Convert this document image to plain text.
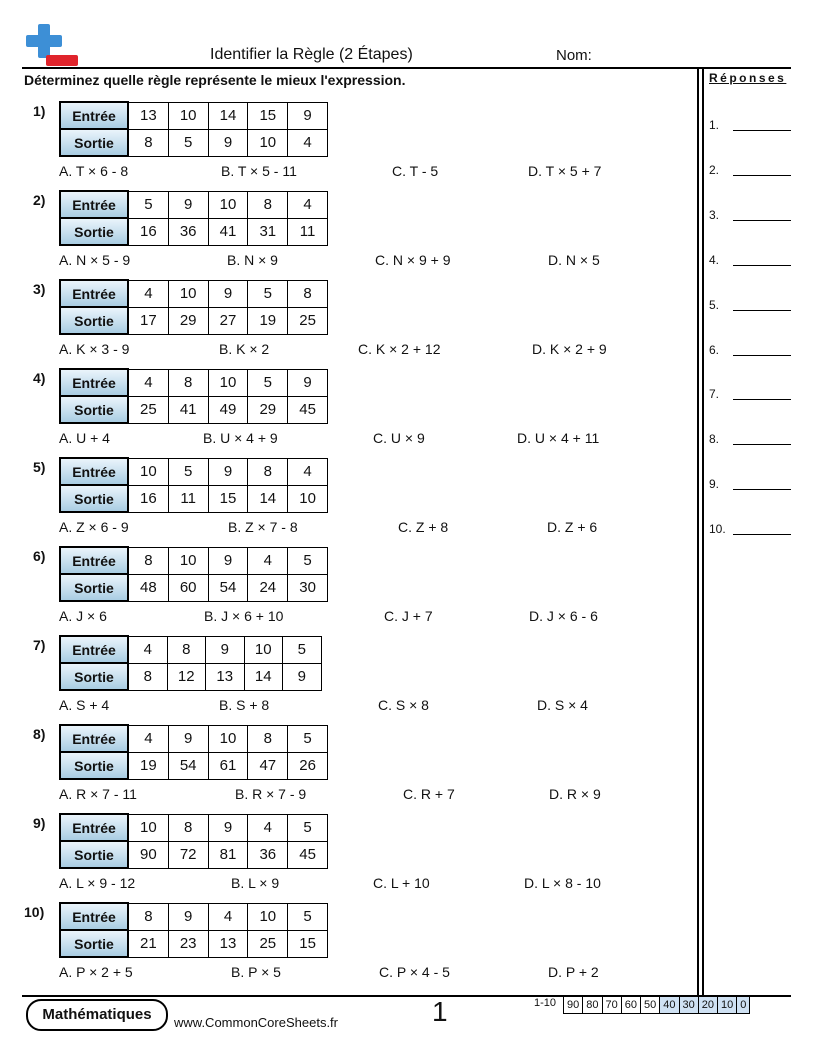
Identifier la Règle (2 Étapes)	Nom:
Déterminez quelle règle représente le mieux l'expression.	Réponses
1.
2.
3.
4.
5.
6.
7.
8.
9.
10.
1) Entrée	13	10	14	15	9
Sortie	8	5	9	10	4
A. T × 6 - 8	B. T × 5 - 11	C. T - 5	D. T × 5 + 7
2) Entrée	5	9	10	8	4
Sortie	16	36	41	31	11
A. N × 5 - 9	B. N × 9	C. N × 9 + 9	D. N × 5
3) Entrée	4	10	9	5	8
Sortie	17	29	27	19	25
A. K × 3 - 9	B. K × 2	C. K × 2 + 12	D. K × 2 + 9
4) Entrée	4	8	10	5	9
Sortie	25	41	49	29	45
A. U + 4	B. U × 4 + 9	C. U × 9	D. U × 4 + 11
5) Entrée	10	5	9	8	4
Sortie	16	11	15	14	10
A. Z × 6 - 9	B. Z × 7 - 8	C. Z + 8	D. Z + 6
6) Entrée	8	10	9	4	5
Sortie	48	60	54	24	30
A. J × 6	B. J × 6 + 10	C. J + 7	D. J × 6 - 6
7) Entrée	4	8	9	10	5
Sortie	8	12	13	14	9
A. S + 4	B. S + 8	C. S × 8	D. S × 4
8) Entrée	4	9	10	8	5
Sortie	19	54	61	47	26
A. R × 7 - 11	B. R × 7 - 9	C. R + 7	D. R × 9
9) Entrée	10	8	9	4	5
Sortie	90	72	81	36	45
A. L × 9 - 12	B. L × 9	C. L + 10	D. L × 8 - 10
10) Entrée	8	9	4	10	5
Sortie	21	23	13	25	15
A. P × 2 + 5	B. P × 5	C. P × 4 - 5	D. P + 2
Mathématiques	www.CommonCoreSheets.fr	1	1-10 90 80 70 60 50 40 30 20 10 0
